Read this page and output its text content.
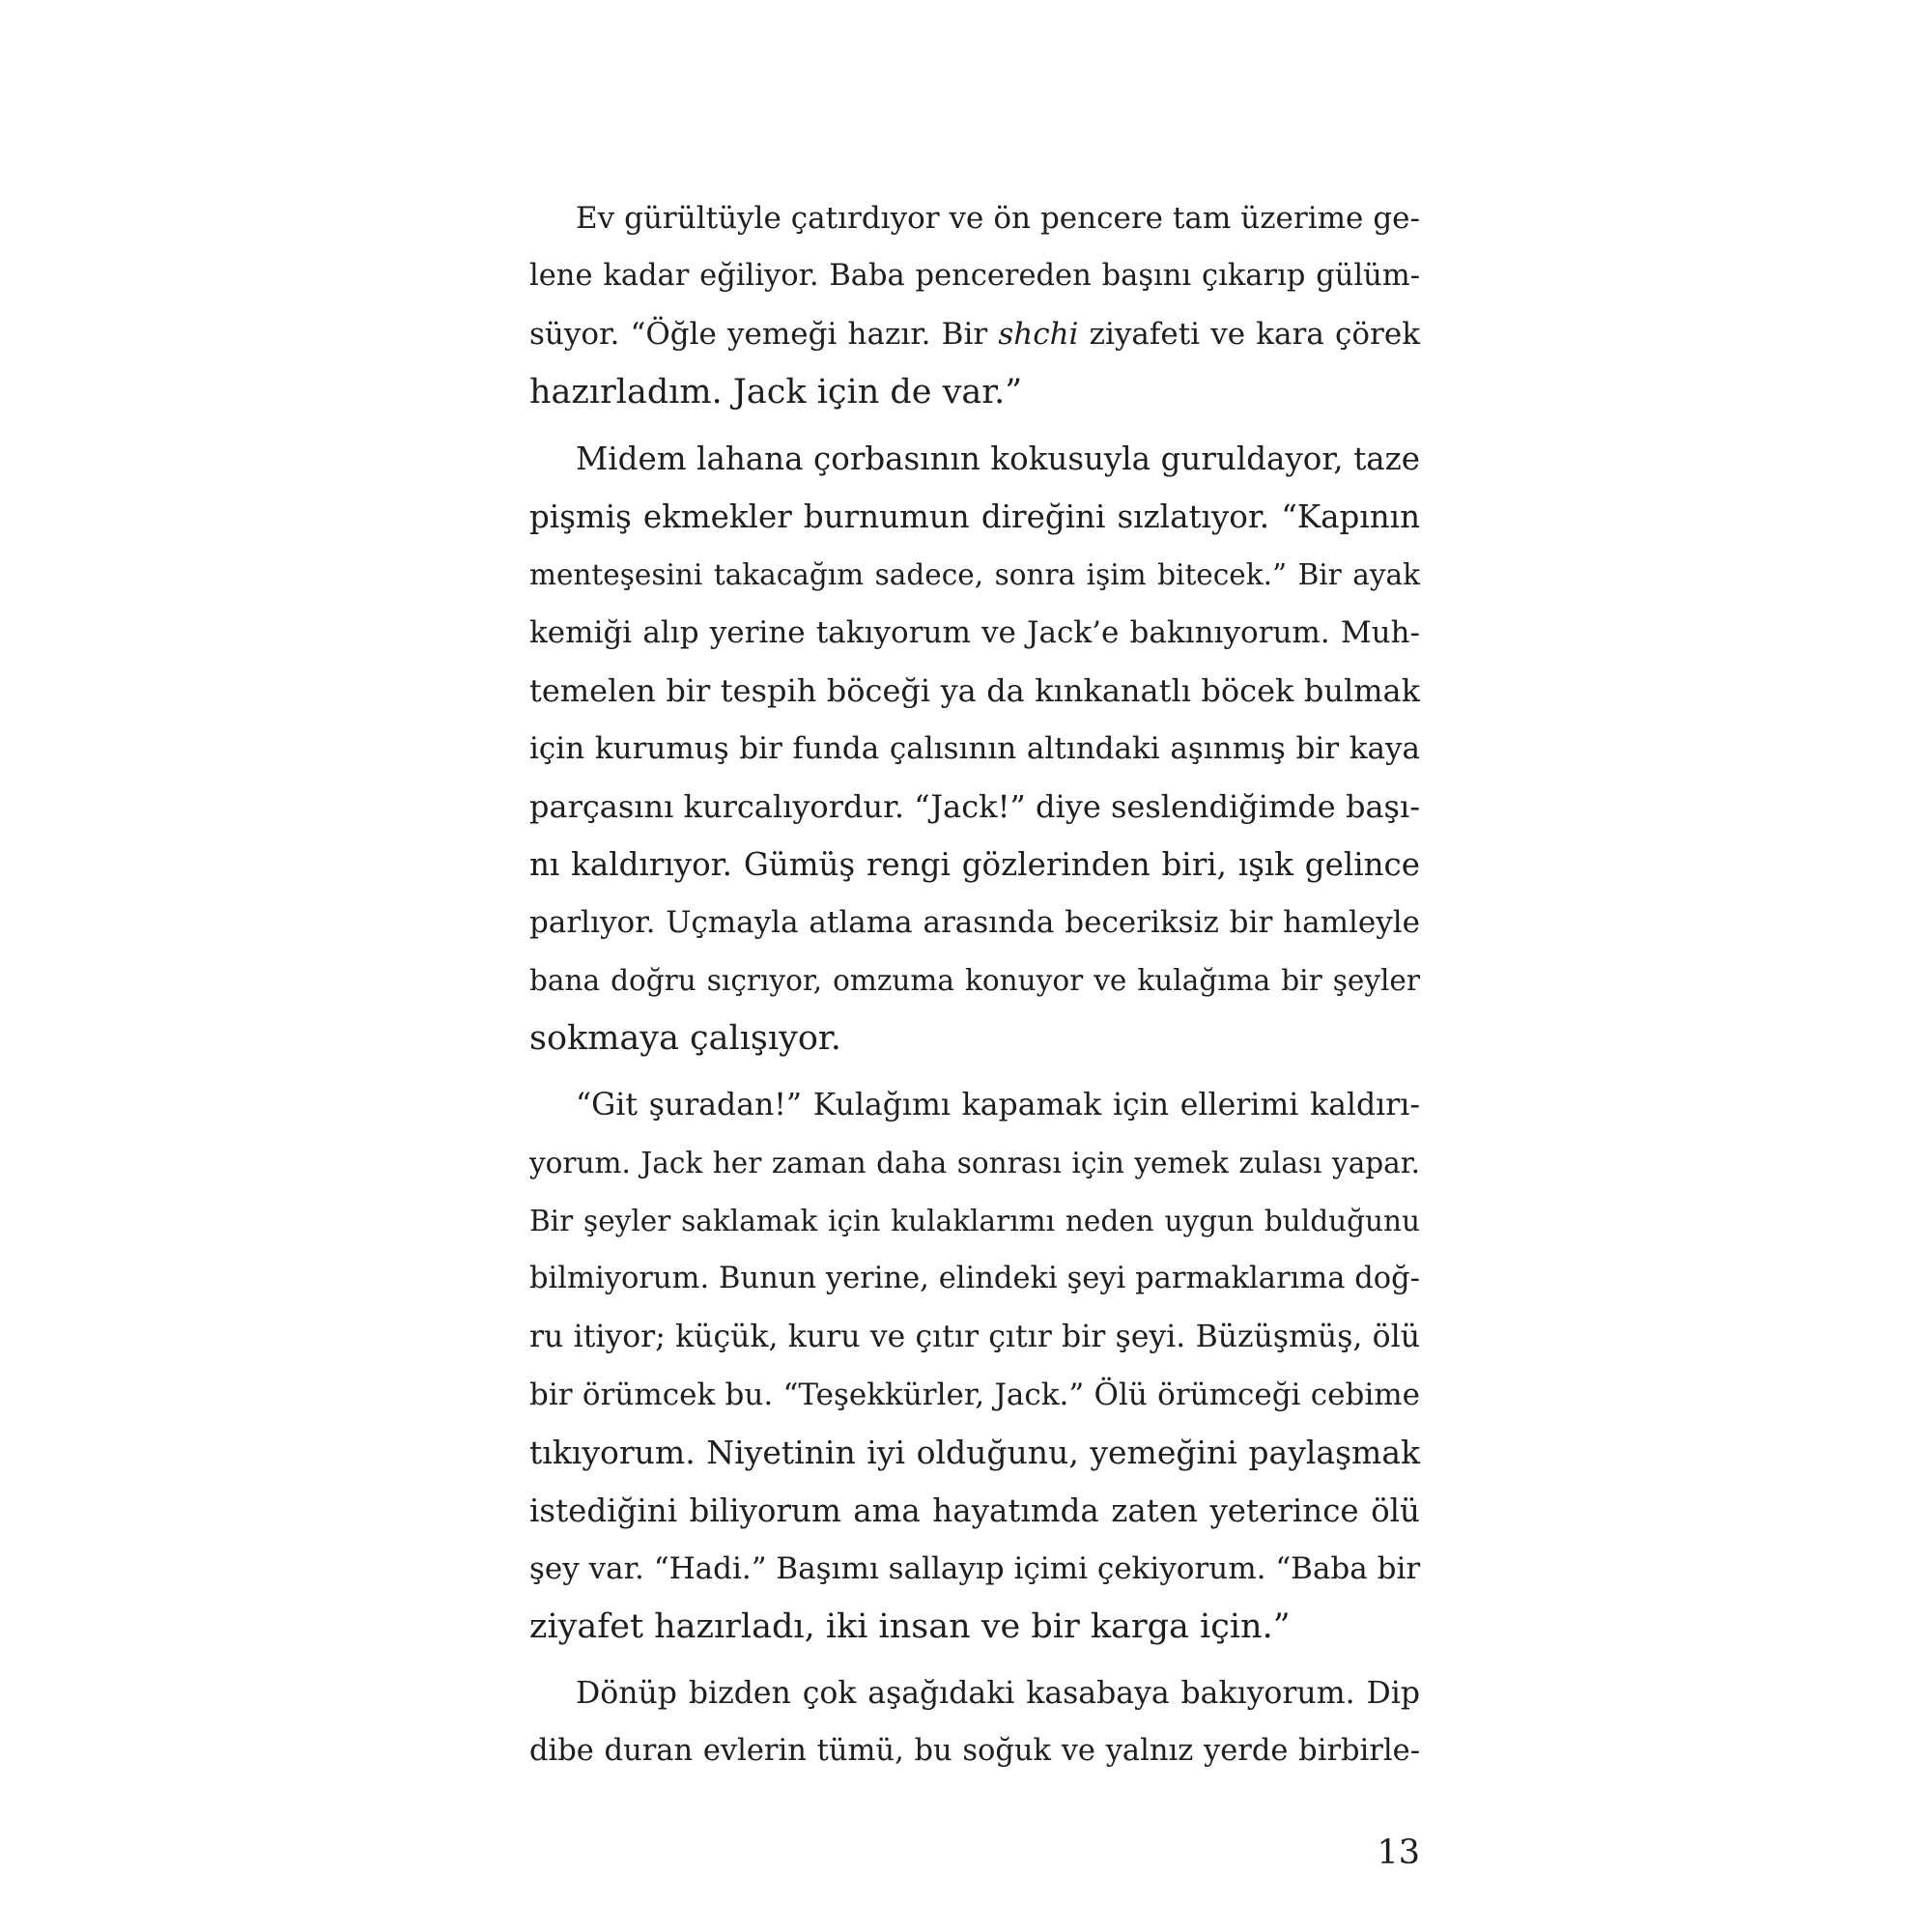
Ev gürültüyle çatırdıyor ve ön pencere tam üzerime ge-
lene kadar eğiliyor. Baba pencereden başını çıkarıp gülüm-
süyor. “Öğle yemeği hazır. Bir shchi ziyafeti ve kara çörek
hazırladım. Jack için de var.”

Midem lahana çorbasının kokusuyla guruldayor, taze
pişmiş ekmekler burnumun direğini sızlatıyor. “Kapının
menteşesini takacağım sadece, sonra işim bitecek.” Bir ayak
kemiği alıp yerine takıyorum ve Jack’e bakınıyorum. Muh-
temelen bir tespih böceği ya da kınkanatlı böcek bulmak
için kurumuş bir funda çalısının altındaki aşınmış bir kaya
parçasını kurcalıyordur. “Jack!” diye seslendiğimde başı-
nı kaldırıyor. Gümüş rengi gözlerinden biri, ışık gelince
parlıyor. Uçmayla atlama arasında beceriksiz bir hamleyle
bana doğru sıçrıyor, omzuma konuyor ve kulağıma bir şeyler
sokmaya çalışıyor.

“Git şuradan!” Kulağımı kapamak için ellerimi kaldırı-
yorum. Jack her zaman daha sonrası için yemek zulası yapar.
Bir şeyler saklamak için kulaklarımı neden uygun bulduğunu
bilmiyorum. Bunun yerine, elindeki şeyi parmaklarıma doğ-
ru itiyor; küçük, kuru ve çıtır çıtır bir şeyi. Büzüşmüş, ölü
bir örümcek bu. “Teşekkürler, Jack.” Ölü örümceği cebime
tıkıyorum. Niyetinin iyi olduğunu, yemeğini paylaşmak
istediğini biliyorum ama hayatımda zaten yeterince ölü
şey var. “Hadi.” Başımı sallayıp içimi çekiyorum. “Baba bir
ziyafet hazırladı, iki insan ve bir karga için.”

Dönüp bizden çok aşağıdaki kasabaya bakıyorum. Dip
dibe duran evlerin tümü, bu soğuk ve yalnız yerde birbirle-

13
